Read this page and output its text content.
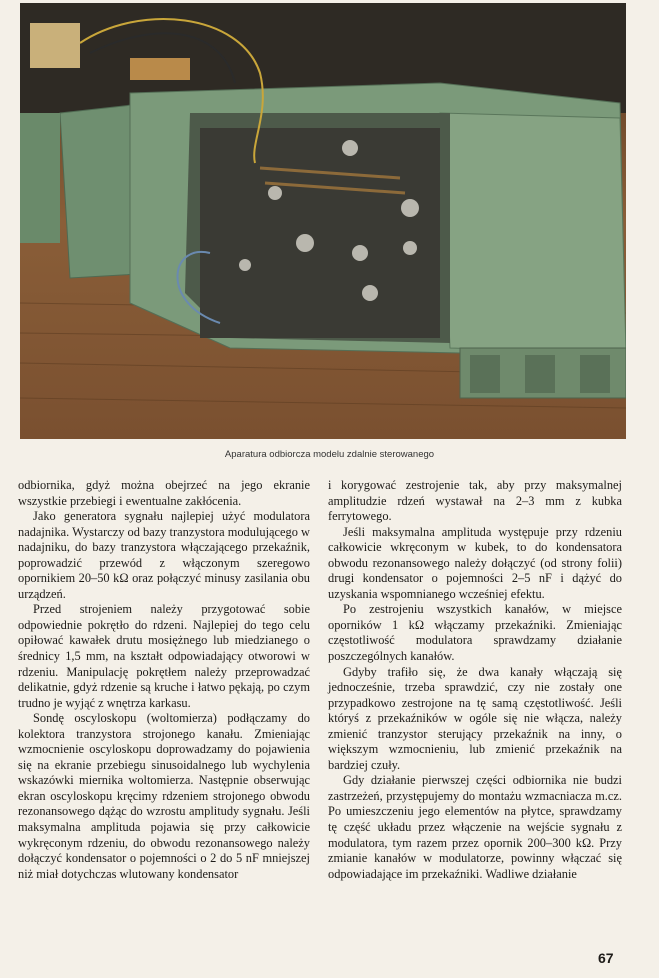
Aparatura odbiorcza modelu zdalnie sterowanego

odbiornika, gdyż można obejrzeć na jego ekranie wszystkie przebiegi i ewentualne zakłócenia.

Jako generatora sygnału najlepiej użyć modulatora nadajnika. Wystarczy od bazy tranzystora modulującego w nadajniku, do bazy tranzystora włączającego przekaźnik, poprowadzić przewód z włączonym szeregowo opornikiem 20–50 kΩ oraz połączyć minusy zasilania obu urządzeń.

Przed strojeniem należy przygotować sobie odpowiednie pokrętło do rdzeni. Najlepiej do tego celu opiłować kawałek drutu mosiężnego lub miedzianego o średnicy 1,5 mm, na kształt odpowiadający otworowi w rdzeniu. Manipulację pokrętłem należy przeprowadzać delikatnie, gdyż rdzenie są kruche i łatwo pękają, po czym trudno je wyjąć z wnętrza karkasu.

Sondę oscyloskopu (woltomierza) podłączamy do kolektora tranzystora strojonego kanału. Zmieniając wzmocnienie oscyloskopu doprowadzamy do pojawienia się na ekranie przebiegu sinusoidalnego lub wychylenia wskazówki miernika woltomierza. Następnie obserwując ekran oscyloskopu kręcimy rdzeniem strojonego obwodu rezonansowego dążąc do wzrostu amplitudy sygnału. Jeśli maksymalna amplituda pojawia się przy całkowicie wykręconym rdzeniu, do obwodu rezonansowego należy dołączyć kondensator o pojemności o 2 do 5 nF mniejszej niż miał dotychczas wlutowany kondensator

i korygować zestrojenie tak, aby przy maksymalnej amplitudzie rdzeń wystawał na 2–3 mm z kubka ferrytowego.

Jeśli maksymalna amplituda występuje przy rdzeniu całkowicie wkręconym w kubek, to do kondensatora obwodu rezonansowego należy dołączyć (od strony folii) drugi kondensator o pojemności 2–5 nF i dążyć do uzyskania wspomnianego wcześniej efektu.

Po zestrojeniu wszystkich kanałów, w miejsce oporników 1 kΩ włączamy przekaźniki. Zmieniając częstotliwość modulatora sprawdzamy działanie poszczególnych kanałów.

Gdyby trafiło się, że dwa kanały włączają się jednocześnie, trzeba sprawdzić, czy nie zostały one przypadkowo zestrojone na tę samą częstotliwość. Jeśli któryś z przekaźników w ogóle się nie włącza, należy zmienić tranzystor sterujący przekaźnik na inny, o większym wzmocnieniu, lub zmienić przekaźnik na bardziej czuły.

Gdy działanie pierwszej części odbiornika nie budzi zastrzeżeń, przystępujemy do montażu wzmacniacza m.cz. Po umieszczeniu jego elementów na płytce, sprawdzamy tę część układu przez włączenie na wejście sygnału z modulatora, tym razem przez opornik 200–300 kΩ. Przy zmianie kanałów w modulatorze, powinny włączać się odpowiadające im przekaźniki. Wadliwe działanie

67
